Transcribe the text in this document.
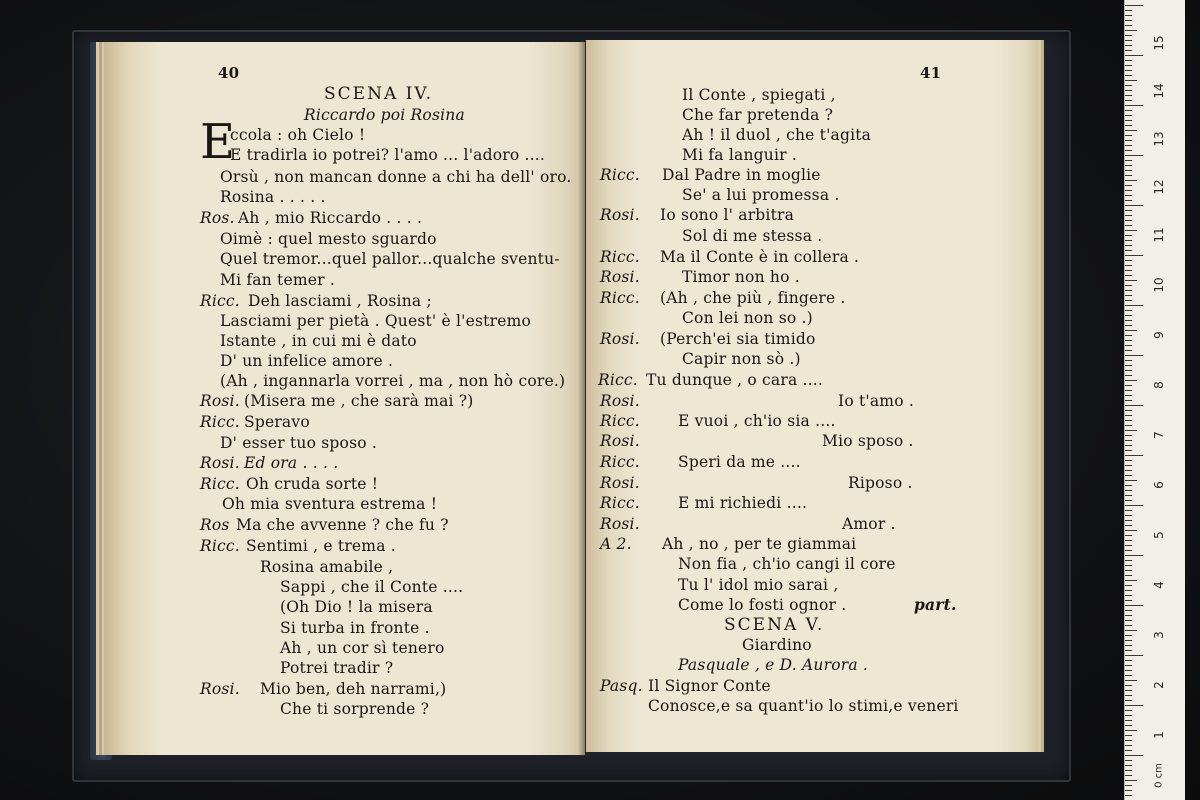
40
SCENA IV.
Riccardo poi Rosina
E
ccola : oh Cielo !
E tradirla io potrei? l'amo ... l'adoro ....
Orsù , non mancan donne a chi ha dell' oro.
Rosina . . . . .
Ros. Ah , mio Riccardo . . . .
Oimè : quel mesto sguardo
Quel tremor...quel pallor...qualche sventu-
Mi fan temer .
Ricc. Deh lasciami , Rosina ;
Lasciami per pietà . Quest' è l'estremo
Istante , in cui mi è dato
D' un infelice amore .
(Ah , ingannarla vorrei , ma , non hò core.)
Rosi. (Misera me , che sarà mai ?)
Ricc. Speravo
D' esser tuo sposo .
Rosi. Ed ora . . . .
Ricc. Oh cruda sorte !
Oh mia sventura estrema !
Ros Ma che avvenne ? che fu ?
Ricc. Sentimi , e trema .
Rosina amabile ,
Sappi , che il Conte ....
(Oh Dio ! la misera
Si turba in fronte .
Ah , un cor sì tenero
Potrei tradir ?
Rosi. Mio ben, deh narrami,)
Che ti sorprende ?
41
Il Conte , spiegati ,
Che far pretenda ?
Ah ! il duol , che t'agita
Mi fa languir .
Ricc. Dal Padre in moglie
Se' a lui promessa .
Rosi. Io sono l' arbitra
Sol di me stessa .
Ricc. Ma il Conte è in collera .
Rosi.	Timor non ho .
Ricc. (Ah , che più , fingere .
Con lei non so .)
Rosi. (Perch'ei sia timido
Capir non sò .)
Ricc. Tu dunque , o cara ....
Rosi.	Io t'amo .
Ricc. E vuoi , ch'io sia ....
Rosi.	Mio sposo .
Ricc. Speri da me ....
Rosi.	Riposo .
Ricc. E mi richiedi ....
Rosi.	Amor .
A 2. Ah , no , per te giammai
Non fia , ch'io cangi il core
Tu l' idol mio sarai ,
Come lo fosti ognor .	part.
SCENA V.
Giardino
Pasquale , e D. Aurora .
Pasq. Il Signor Conte
Conosce,e sa quant'io lo stimi,e veneri
15
14
13
12
11
10
9
8
7
6
5
4
3
2
1
0 cm
